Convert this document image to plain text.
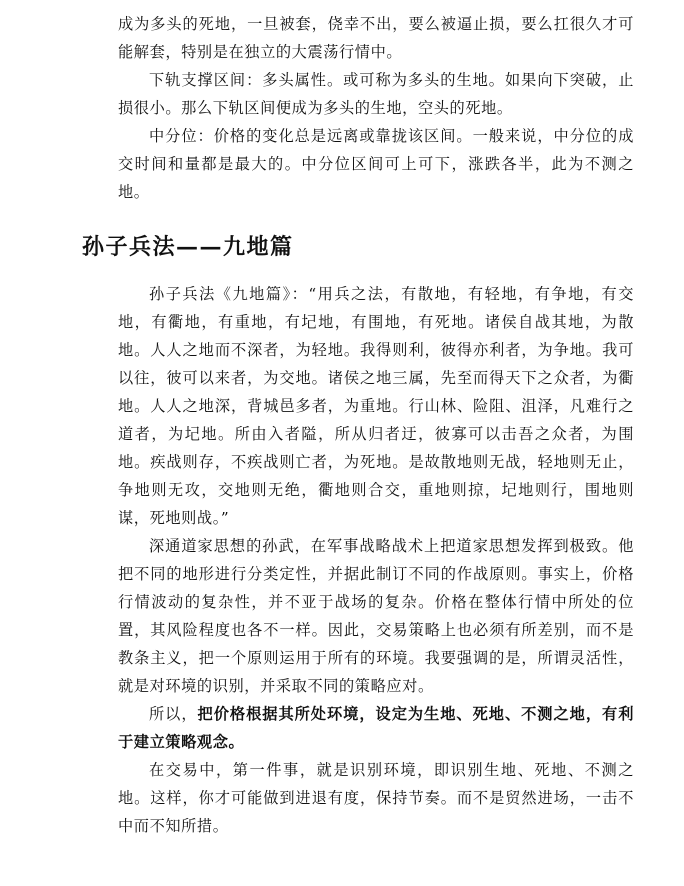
成为多头的死地，一旦被套，侥幸不出，要么被逼止损，要么扛很久才可能解套，特别是在独立的大震荡行情中。

下轨支撑区间：多头属性。或可称为多头的生地。如果向下突破，止损很小。那么下轨区间便成为多头的生地，空头的死地。

中分位：价格的变化总是远离或靠拢该区间。一般来说，中分位的成交时间和量都是最大的。中分位区间可上可下，涨跌各半，此为不测之地。

孙子兵法——九地篇

孙子兵法《九地篇》：“用兵之法，有散地，有轻地，有争地，有交地，有衢地，有重地，有圮地，有围地，有死地。诸侯自战其地，为散地。人人之地而不深者，为轻地。我得则利，彼得亦利者，为争地。我可以往，彼可以来者，为交地。诸侯之地三属，先至而得天下之众者，为衢地。人人之地深，背城邑多者，为重地。行山林、险阻、沮泽，凡难行之道者，为圮地。所由入者隘，所从归者迂，彼寡可以击吾之众者，为围地。疾战则存，不疾战则亡者，为死地。是故散地则无战，轻地则无止，争地则无攻，交地则无绝，衢地则合交，重地则掠，圮地则行，围地则谋，死地则战。”

深通道家思想的孙武，在军事战略战术上把道家思想发挥到极致。他把不同的地形进行分类定性，并据此制订不同的作战原则。事实上，价格行情波动的复杂性，并不亚于战场的复杂。价格在整体行情中所处的位置，其风险程度也各不一样。因此，交易策略上也必须有所差别，而不是教条主义，把一个原则运用于所有的环境。我要强调的是，所谓灵活性，就是对环境的识别，并采取不同的策略应对。

所以，把价格根据其所处环境，设定为生地、死地、不测之地，有利于建立策略观念。

在交易中，第一件事，就是识别环境，即识别生地、死地、不测之地。这样，你才可能做到进退有度，保持节奏。而不是贸然进场，一击不中而不知所措。
